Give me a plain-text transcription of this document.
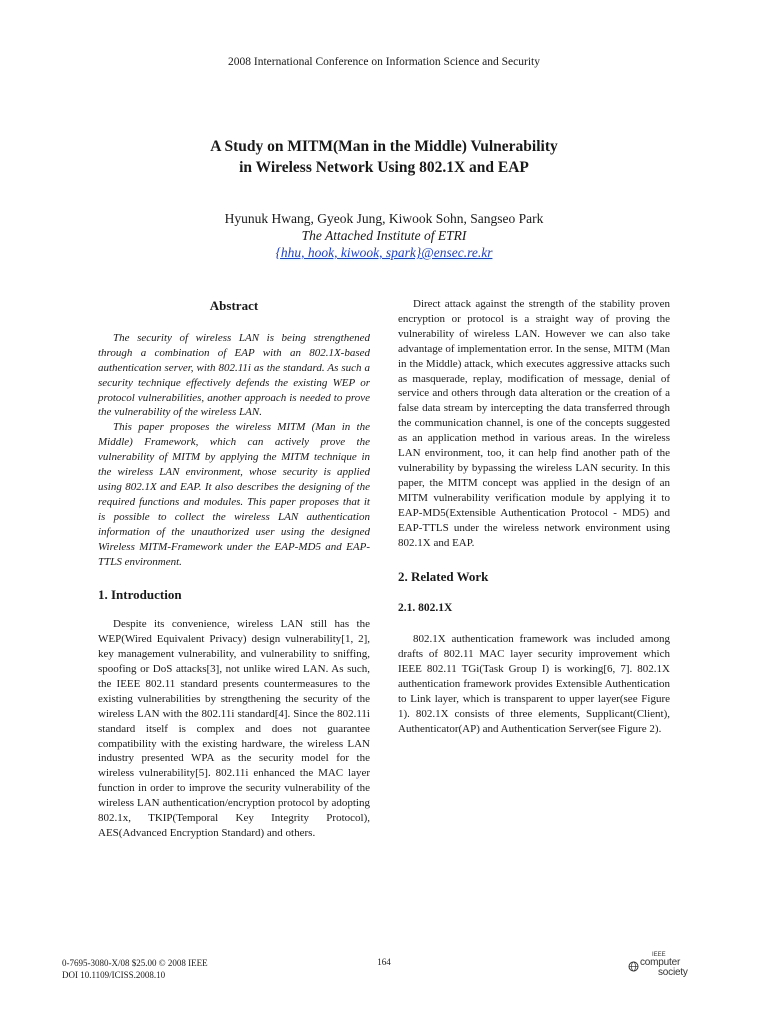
2008 International Conference on Information Science and Security
A Study on MITM(Man in the Middle) Vulnerability
in Wireless Network Using 802.1X and EAP
Hyunuk Hwang, Gyeok Jung, Kiwook Sohn, Sangseo Park
The Attached Institute of ETRI
{hhu, hook, kiwook, spark}@ensec.re.kr
Abstract

The security of wireless LAN is being strengthened through a combination of EAP with an 802.1X-based authentication server, with 802.11i as the standard. As such a security technique effectively defends the existing WEP or protocol vulnerabilities, another approach is needed to prove the vulnerability of the wireless LAN.

This paper proposes the wireless MITM (Man in the Middle) Framework, which can actively prove the vulnerability of MITM by applying the MITM technique in the wireless LAN environment, whose security is applied using 802.1X and EAP. It also describes the designing of the required functions and modules. This paper proposes that it is possible to collect the wireless LAN authentication information of the unauthorized user using the designed Wireless MITM-Framework under the EAP-MD5 and EAP-TTLS environment.

1. Introduction

Despite its convenience, wireless LAN still has the WEP(Wired Equivalent Privacy) design vulnerability[1, 2], key management vulnerability, and vulnerability to sniffing, spoofing or DoS attacks[3], not unlike wired LAN. As such, the IEEE 802.11 standard presents countermeasures to the existing vulnerabilities by strengthening the security of the wireless LAN with the 802.11i standard[4]. Since the 802.11i standard itself is complex and does not guarantee compatibility with the existing hardware, the wireless LAN industry presented WPA as the security model for the wireless vulnerability[5]. 802.11i enhanced the MAC layer function in order to improve the security vulnerability of the wireless LAN authentication/encryption protocol by adopting 802.1x, TKIP(Temporal Key Integrity Protocol), AES(Advanced Encryption Standard) and others.

Direct attack against the strength of the stability proven encryption or protocol is a straight way of proving the vulnerability of wireless LAN. However we can also take advantage of implementation error. In the sense, MITM (Man in the Middle) attack, which executes aggressive attacks such as masquerade, replay, modification of message, denial of service and others through data alteration or the creation of a false data stream by intercepting the data transferred through the communication channel, is one of the concepts suggested as an application method in various areas. In the wireless LAN environment, too, it can help find another path of the vulnerability by bypassing the wireless LAN security. In this paper, the MITM concept was applied in the design of an MITM vulnerability verification module by applying it to EAP-MD5(Extensible Authentication Protocol - MD5) and EAP-TTLS under the wireless network environment using 802.1X and EAP.

2. Related Work
2.1. 802.1X

802.1X authentication framework was included among drafts of 802.11 MAC layer security improvement which IEEE 802.11 TGi(Task Group I) is working[6, 7]. 802.1X authentication framework provides Extensible Authentication to Link layer, which is transparent to upper layer(see Figure 1). 802.1X consists of three elements, Supplicant(Client), Authenticator(AP) and Authentication Server(see Figure 2).

0-7695-3080-X/08 $25.00 © 2008 IEEE
DOI 10.1109/ICISS.2008.10
164
IEEE
computer
society
